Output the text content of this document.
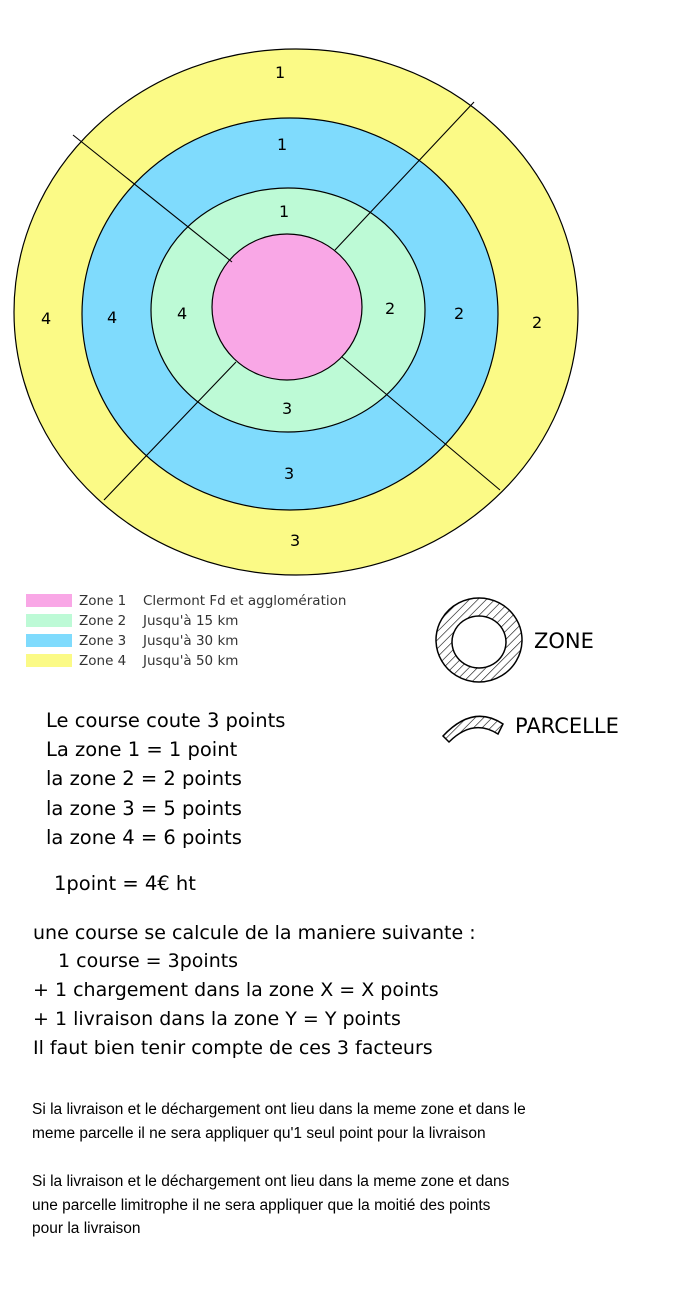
1
2
3
4
1
2
3
4
1
2
3
4
Zone 1 Clermont Fd et agglomération
Zone 2 Jusqu'à 15 km
Zone 3 Jusqu'à 30 km
Zone 4 Jusqu'à 50 km
ZONE
PARCELLE
Le course coute 3 points
La zone 1 = 1 point
la zone 2 = 2 points
la zone 3 = 5 points
la zone 4 = 6 points
1point = 4€ ht
une course se calcule de la maniere suivante :
1 course = 3points
+ 1 chargement dans la zone X = X points
+ 1 livraison dans la zone Y = Y points
Il faut bien tenir compte de ces 3 facteurs
Si la livraison et le déchargement ont lieu dans la meme zone et dans le
meme parcelle il ne sera appliquer qu'1 seul point pour la livraison
Si la livraison et le déchargement ont lieu dans la meme zone et dans
une parcelle limitrophe il ne sera appliquer que la moitié des points
pour la livraison
